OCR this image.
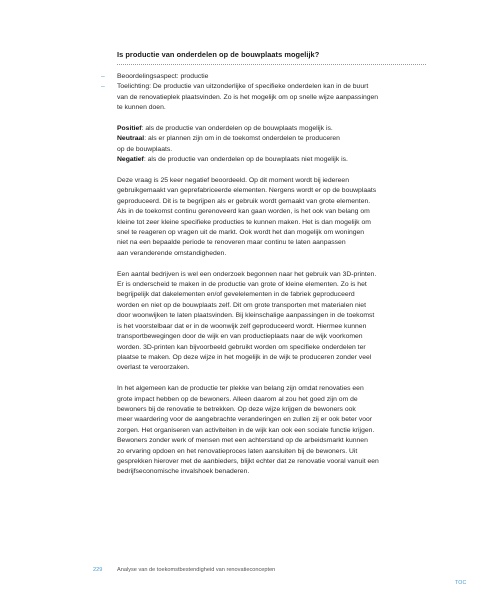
Is productie van onderdelen op de bouwplaats mogelijk?

– Beoordelingsaspect: productie

– Toelichting: De productie van uitzonderlijke of specifieke onderdelen kan in de buurt

van de renovatieplek plaatsvinden. Zo is het mogelijk om op snelle wijze aanpassingen

te kunnen doen.

Positief: als de productie van onderdelen op de bouwplaats mogelijk is.

Neutraal: als er plannen zijn om in de toekomst onderdelen te produceren

op de bouwplaats.

Negatief: als de productie van onderdelen op de bouwplaats niet mogelijk is.

Deze vraag is 25 keer negatief beoordeeld. Op dit moment wordt bij iedereen

gebruikgemaakt van geprefabriceerde elementen. Nergens wordt er op de bouwplaats

geproduceerd. Dit is te begrijpen als er gebruik wordt gemaakt van grote elementen.

Als in de toekomst continu gerenoveerd kan gaan worden, is het ook van belang om

kleine tot zeer kleine specifieke producties te kunnen maken. Het is dan mogelijk om

snel te reageren op vragen uit de markt. Ook wordt het dan mogelijk om woningen

niet na een bepaalde periode te renoveren maar continu te laten aanpassen

aan veranderende omstandigheden.

Een aantal bedrijven is wel een onderzoek begonnen naar het gebruik van 3D-printen.

Er is onderscheid te maken in de productie van grote of kleine elementen. Zo is het

begrijpelijk dat dakelementen en/of gevelelementen in de fabriek geproduceerd

worden en niet op de bouwplaats zelf. Dit om grote transporten met materialen niet

door woonwijken te laten plaatsvinden. Bij kleinschalige aanpassingen in de toekomst

is het voorstelbaar dat er in de woonwijk zelf geproduceerd wordt. Hiermee kunnen

transportbewegingen door de wijk en van productieplaats naar de wijk voorkomen

worden. 3D-printen kan bijvoorbeeld gebruikt worden om specifieke onderdelen ter

plaatse te maken. Op deze wijze in het mogelijk in de wijk te produceren zonder veel

overlast te veroorzaken.

In het algemeen kan de productie ter plekke van belang zijn omdat renovaties een

grote impact hebben op de bewoners. Alleen daarom al zou het goed zijn om de

bewoners bij de renovatie te betrekken. Op deze wijze krijgen de bewoners ook

meer waardering voor de aangebrachte veranderingen en zullen zij er ook beter voor

zorgen. Het organiseren van activiteiten in de wijk kan ook een sociale functie krijgen.

Bewoners zonder werk of mensen met een achterstand op de arbeidsmarkt kunnen

zo ervaring opdoen en het renovatieproces laten aansluiten bij de bewoners. Uit

gesprekken hierover met de aanbieders, blijkt echter dat ze renovatie vooral vanuit een

bedrijfseconomische invalshoek benaderen.

229	Analyse van de toekomstbestendigheid van renovatieconcepten
TOC
